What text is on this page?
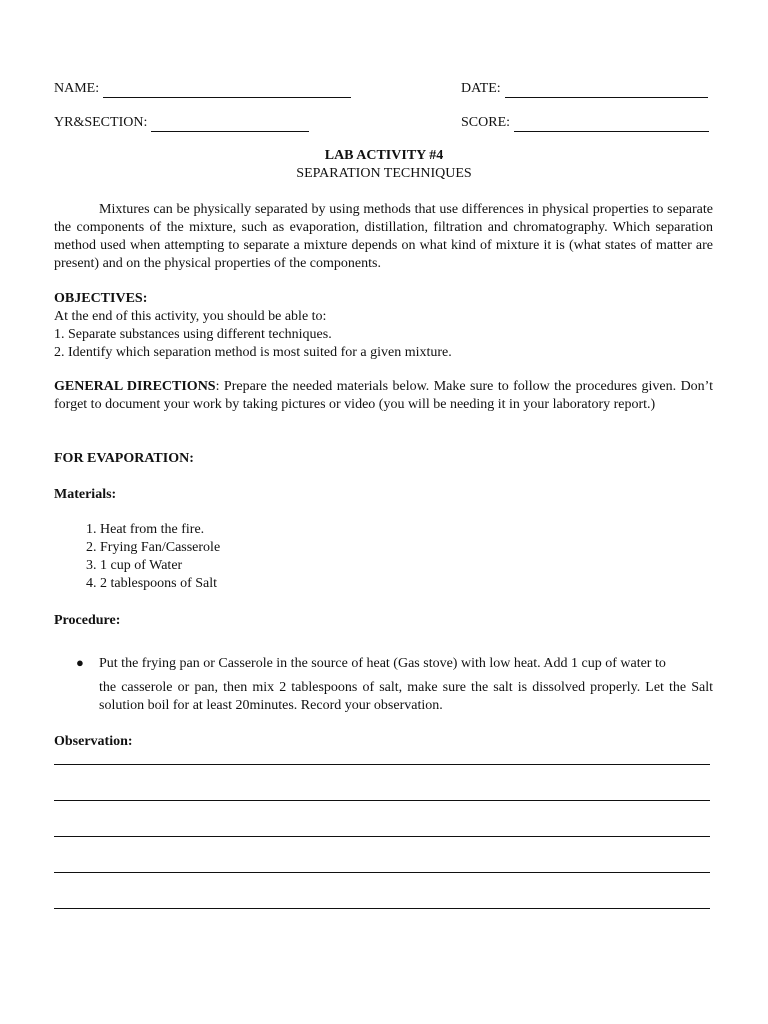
NAME:	DATE:
YR&SECTION:	SCORE:
LAB ACTIVITY #4
SEPARATION TECHNIQUES
Mixtures can be physically separated by using methods that use differences in physical properties to separate the components of the mixture, such as evaporation, distillation, filtration and chromatography. Which separation method used when attempting to separate a mixture depends on what kind of mixture it is (what states of matter are present) and on the physical properties of the components.
OBJECTIVES:
At the end of this activity, you should be able to:
1. Separate substances using different techniques.
2. Identify which separation method is most suited for a given mixture.
GENERAL DIRECTIONS: Prepare the needed materials below. Make sure to follow the procedures given. Don’t forget to document your work by taking pictures or video (you will be needing it in your laboratory report.)
FOR EVAPORATION:
Materials:
1. Heat from the fire.
2. Frying Fan/Casserole
3. 1 cup of Water
4. 2 tablespoons of Salt
Procedure:
● Put the frying pan or Casserole in the source of heat (Gas stove) with low heat. Add 1 cup of water to
the casserole or pan, then mix 2 tablespoons of salt, make sure the salt is dissolved properly. Let the Salt solution boil for at least 20minutes. Record your observation.
Observation:
